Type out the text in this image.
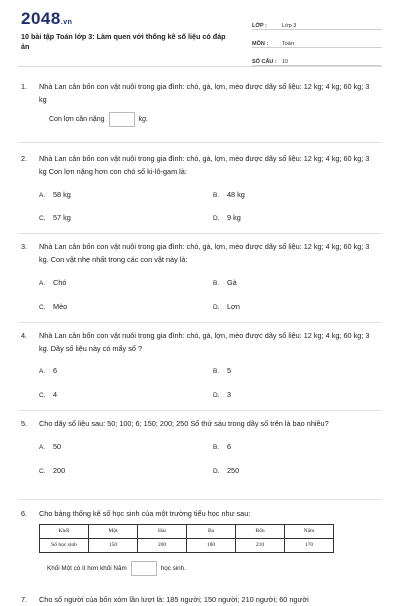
2048.vn
10 bài tập Toán lớp 3: Làm quen với thống kê số liệu có đáp án
LỚP :	Lớp 3
MÔN :	Toán
SỐ CÂU : 10
1.	Nhà Lan cân bốn con vật nuôi trong gia đình: chó, gà, lợn, mèo được dãy số liệu: 12 kg; 4 kg; 60 kg; 3 kg
Con lợn cân nặng	kg.
2.	Nhà Lan cân bốn con vật nuôi trong gia đình: chó, gà, lợn, mèo được dãy số liệu: 12 kg; 4 kg; 60 kg; 3 kg Con lợn nặng hơn con chó số ki-lô-gam là:
A. 58 kg	B. 48 kg
C. 57 kg	D. 9 kg
3.	Nhà Lan cân bốn con vật nuôi trong gia đình: chó, gà, lợn, mèo được dãy số liệu: 12 kg; 4 kg; 60 kg; 3 kg. Con vật nhẹ nhất trong các con vật này là:
A. Chó	B. Gà
C. Mèo	D. Lợn
4.	Nhà Lan cân bốn con vật nuôi trong gia đình: chó, gà, lợn, mèo được dãy số liệu: 12 kg; 4 kg; 60 kg; 3 kg. Dãy số liệu này có mấy số ?
A. 6	B. 5
C. 4	D. 3
5.	Cho dãy số liệu sau: 50; 100; 6; 150; 200; 250 Số thứ sáu trong dãy số trên là bao nhiêu?
A. 50	B. 6
C. 200	D. 250
6.	Cho bảng thống kê số học sinh của một trường tiểu học như sau:
Khối	Một	Hai	Ba	Bốn	Năm
Số học sinh	150	200	180	210	170
Khối Một có ít hơn khối Năm	học sinh.
7.	Cho số người của bốn xóm lần lượt là: 185 người; 150 người; 210 người; 60 người
